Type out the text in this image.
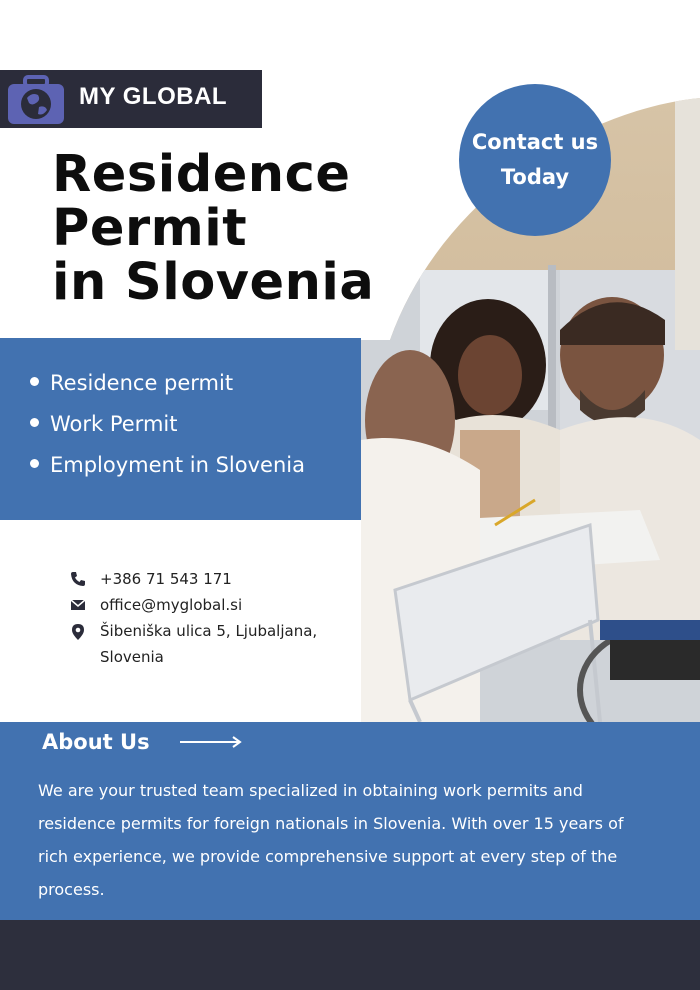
MY GLOBAL
Residence
Permit
in Slovenia
Contact us
Today
Residence permit
Work Permit
Employment in Slovenia
+386 71 543 171
office@myglobal.si
Šibeniška ulica 5, Ljubaljana,
Slovenia
About Us
We are your trusted team specialized in obtaining work permits and
residence permits for foreign nationals in Slovenia. With over 15 years of
rich experience, we provide comprehensive support at every step of the
process.
